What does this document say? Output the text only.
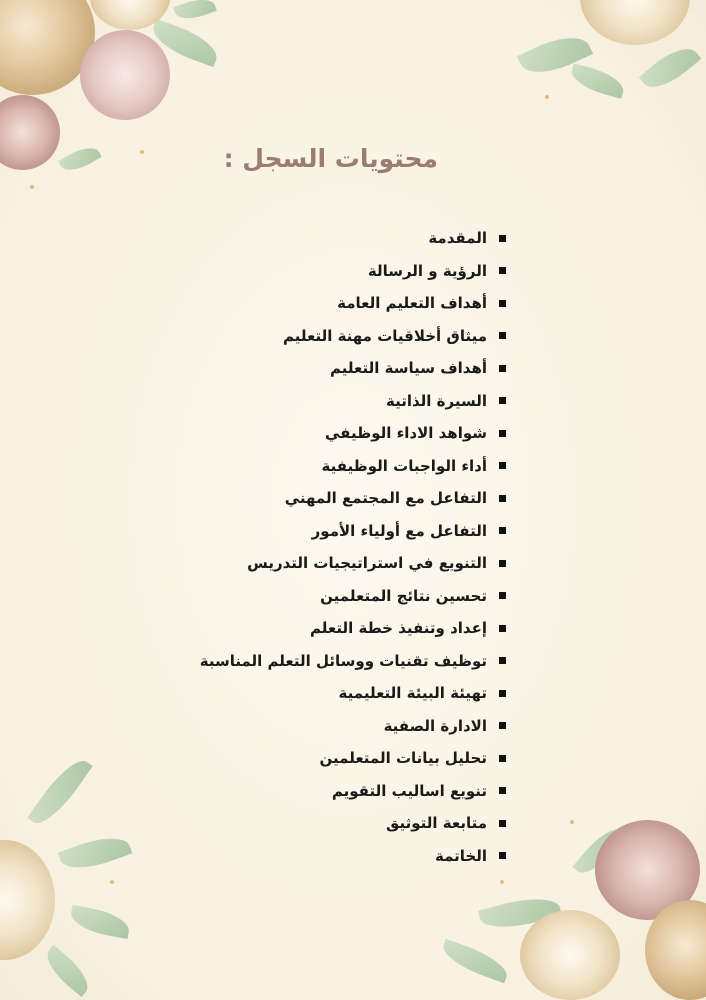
محتويات السجل :
المقدمة
الرؤية و الرسالة
أهداف التعليم العامة
ميثاق أخلاقيات مهنة التعليم
أهداف سياسة التعليم
السيرة الذاتية
شواهد الاداء الوظيفي
أداء الواجبات الوظيفية
التفاعل مع المجتمع المهني
التفاعل مع أولياء الأمور
التنويع في استراتيجيات التدريس
تحسين نتائج المتعلمين
إعداد وتنفيذ خطة التعلم
توظيف تقنيات ووسائل التعلم المناسبة
تهيئة البيئة التعليمية
الادارة الصفية
تحليل بيانات المتعلمين
تنويع اساليب التقويم
متابعة التوثيق
الخاتمة
